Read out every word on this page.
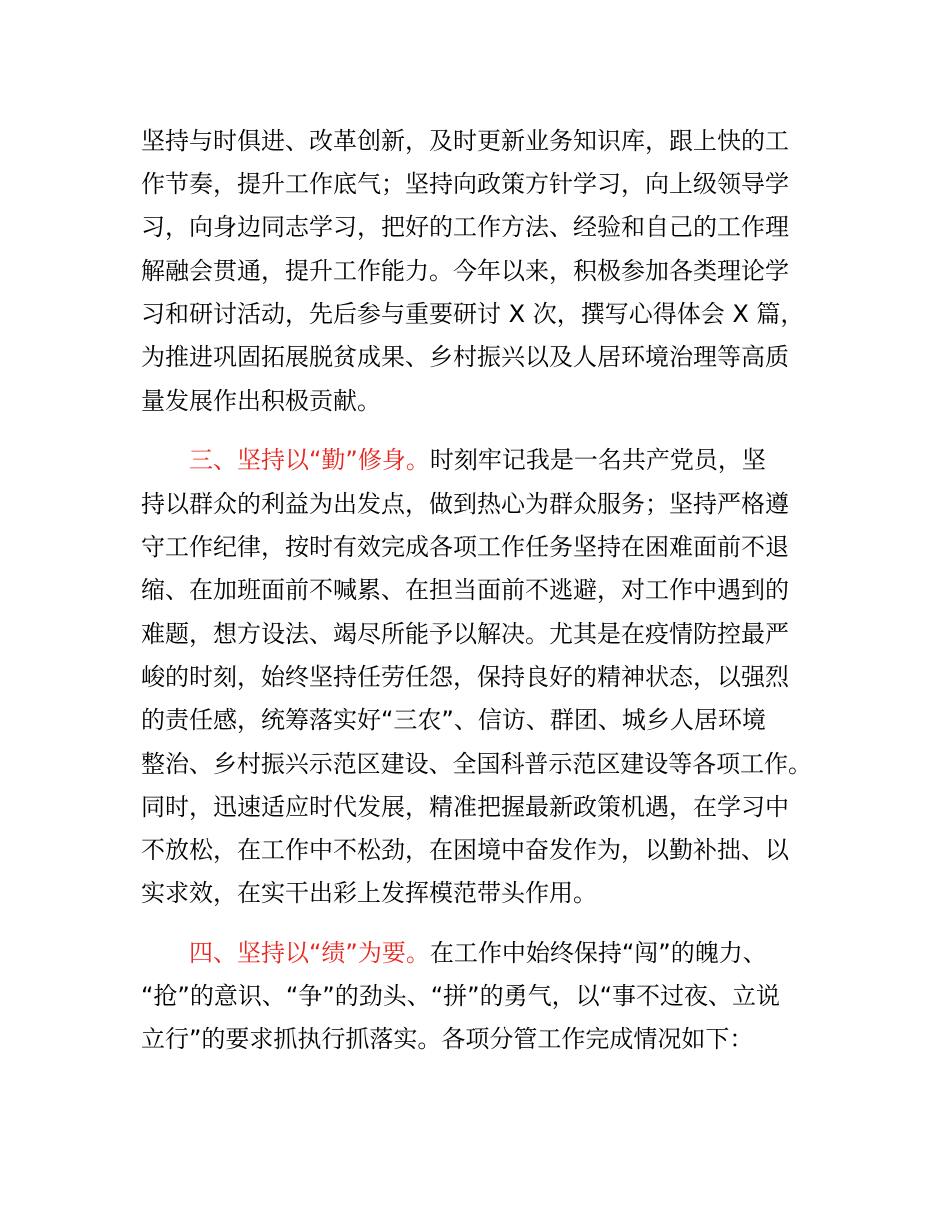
坚持与时俱进、改革创新，及时更新业务知识库，跟上快的工
作节奏，提升工作底气；坚持向政策方针学习，向上级领导学
习，向身边同志学习，把好的工作方法、经验和自己的工作理
解融会贯通，提升工作能力。今年以来，积极参加各类理论学
习和研讨活动，先后参与重要研讨 X 次，撰写心得体会 X 篇，
为推进巩固拓展脱贫成果、乡村振兴以及人居环境治理等高质
量发展作出积极贡献。
三、坚持以“勤”修身。时刻牢记我是一名共产党员，坚
持以群众的利益为出发点，做到热心为群众服务；坚持严格遵
守工作纪律，按时有效完成各项工作任务坚持在困难面前不退
缩、在加班面前不喊累、在担当面前不逃避，对工作中遇到的
难题，想方设法、竭尽所能予以解决。尤其是在疫情防控最严
峻的时刻，始终坚持任劳任怨，保持良好的精神状态，以强烈
的责任感，统筹落实好“三农”、信访、群团、城乡人居环境
整治、乡村振兴示范区建设、全国科普示范区建设等各项工作。
同时，迅速适应时代发展，精准把握最新政策机遇，在学习中
不放松，在工作中不松劲，在困境中奋发作为，以勤补拙、以
实求效，在实干出彩上发挥模范带头作用。
四、坚持以“绩”为要。在工作中始终保持“闯”的魄力、
“抢”的意识、“争”的劲头、“拼”的勇气，以“事不过夜、立说
立行”的要求抓执行抓落实。各项分管工作完成情况如下：
